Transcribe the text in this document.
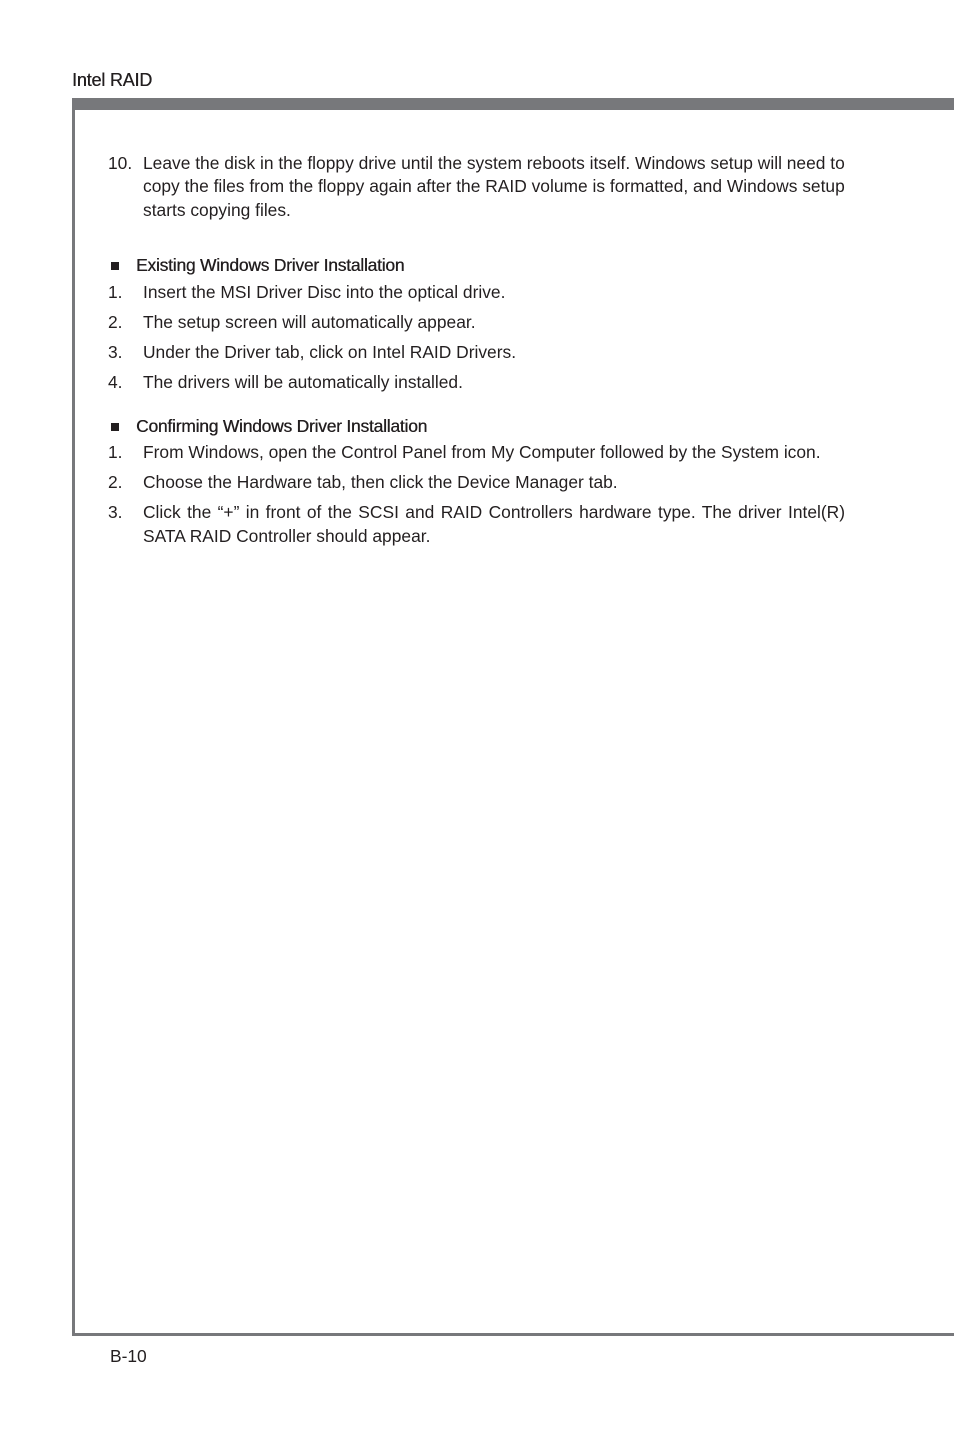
Intel RAID
10. Leave the disk in the floppy drive until the system reboots itself. Windows setup will need to copy the files from the floppy again after the RAID volume is formatted, and Windows setup starts copying files.
Existing Windows Driver Installation
1.	Insert the MSI Driver Disc into the optical drive.
2.	The setup screen will automatically appear.
3.	Under the Driver tab, click on Intel RAID Drivers.
4.	The drivers will be automatically installed.
Confirming Windows Driver Installation
1.	From Windows, open the Control Panel from My Computer followed by the System icon.
2.	Choose the Hardware tab, then click the Device Manager tab.
3.	Click the “+” in front of the SCSI and RAID Controllers hardware type. The driver Intel(R) SATA RAID Controller should appear.
B-10
